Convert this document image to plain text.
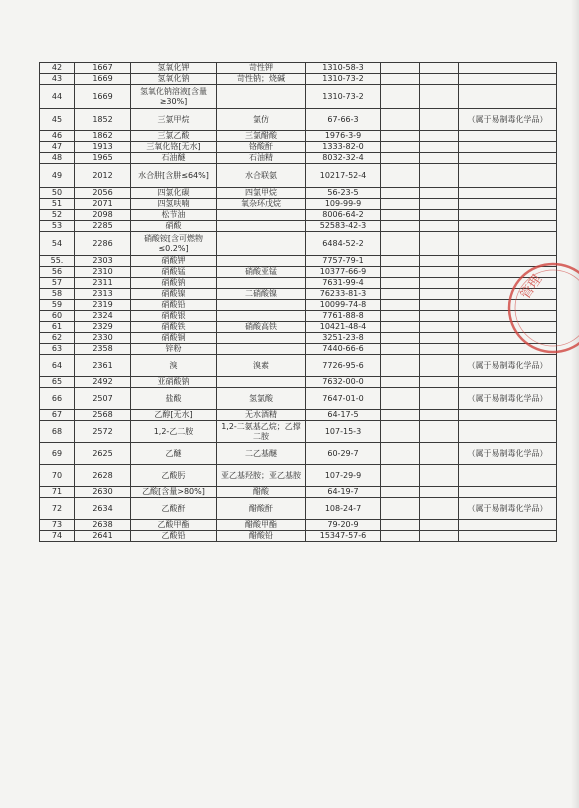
42	1667	氢氧化钾	苛性钾	1310-58-3			
43	1669	氢氧化钠	苛性钠；烧碱	1310-73-2			
44	1669	氢氧化钠溶液[含量≥30%]		1310-73-2			
45	1852	三氯甲烷	氯仿	67-66-3			（属于易制毒化学品）
46	1862	三氯乙酸	三氯醋酸	1976-3-9			
47	1913	三氧化铬[无水]	铬酸酐	1333-82-0			
48	1965	石油醚	石油精	8032-32-4			
49	2012	水合肼[含肼≤64%]	水合联氨	10217-52-4			
50	2056	四氯化碳	四氯甲烷	56-23-5			
51	2071	四氢呋喃	氧杂环戊烷	109-99-9			
52	2098	松节油		8006-64-2			
53	2285	硝酸		52583-42-3			
54	2286	硝酸铵[含可燃物≤0.2%]		6484-52-2			
55.	2303	硝酸钾		7757-79-1			
56	2310	硝酸锰	硝酸亚锰	10377-66-9			
57	2311	硝酸钠		7631-99-4			
58	2313	硝酸镍	二硝酸镍	76233-81-3			
59	2319	硝酸铅		10099-74-8			
60	2324	硝酸银		7761-88-8			
61	2329	硝酸铁	硝酸高铁	10421-48-4			
62	2330	硝酸铜		3251-23-8			
63	2358	锌粉		7440-66-6			
64	2361	溴	溴素	7726-95-6			（属于易制毒化学品）
65	2492	亚硝酸钠		7632-00-0			
66	2507	盐酸	氢氯酸	7647-01-0			（属于易制毒化学品）
67	2568	乙醇[无水]	无水酒精	64-17-5			
68	2572	1,2-乙二胺	1,2-二氨基乙烷；乙撑二胺	107-15-3			
69	2625	乙醚	二乙基醚	60-29-7			（属于易制毒化学品）
70	2628	乙酸肟	亚乙基羟胺；亚乙基胺	107-29-9			
71	2630	乙酸[含量>80%]	醋酸	64-19-7			
72	2634	乙酸酐	醋酸酐	108-24-7			（属于易制毒化学品）
73	2638	乙酸甲酯	醋酸甲酯	79-20-9			
74	2641	乙酸铅	醋酸铅	15347-57-6			
管理
